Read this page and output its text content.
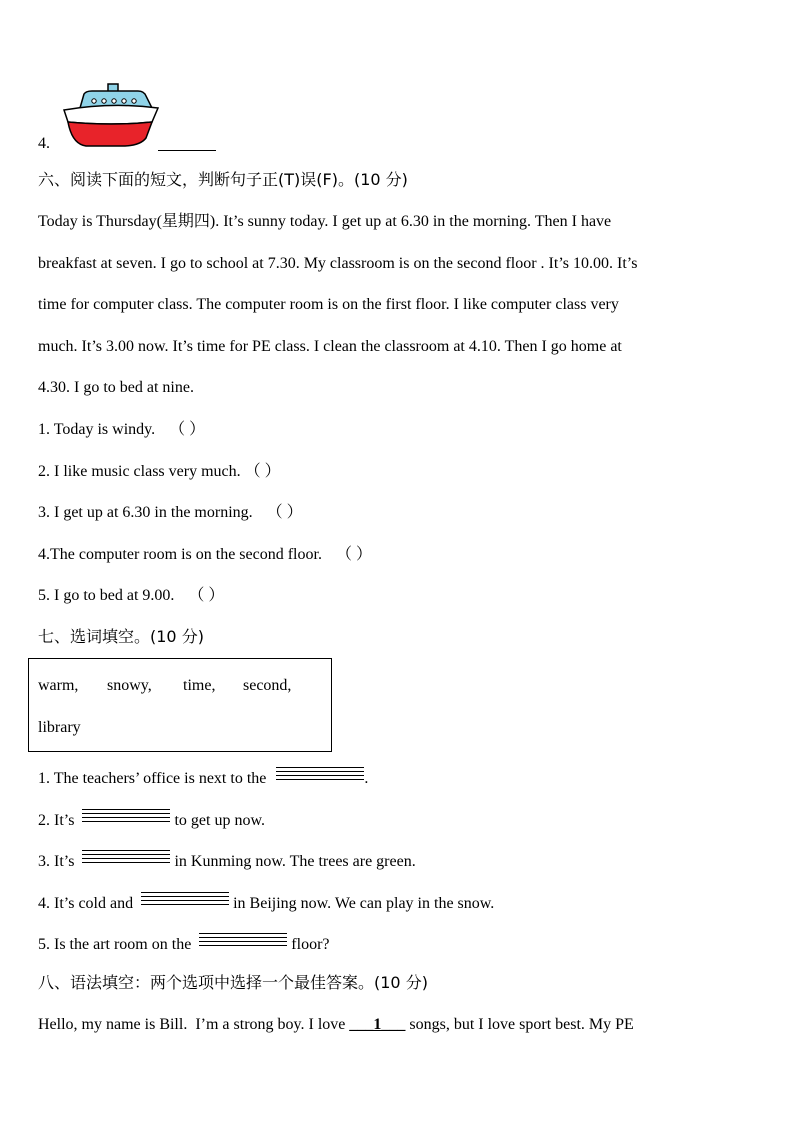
4.
六、阅读下面的短文，判断句子正(T)误(F)。(10 分)
Today is Thursday(星期四). It’s sunny today. I get up at 6.30 in the morning. Then I have
breakfast at seven. I go to school at 7.30. My classroom is on the second floor . It’s 10.00. It’s
time for computer class. The computer room is on the first floor. I like computer class very
much. It’s 3.00 now. It’s time for PE class. I clean the classroom at 4.10. Then I go home at
4.30. I go to bed at nine.
1. Today is windy. （ ）
2. I like music class very much. （ ）
3. I get up at 6.30 in the morning. （ ）
4.The computer room is on the second floor. （ ）
5. I go to bed at 9.00. （ ）
七、选词填空。(10 分)
warm, snowy, time, second,
library
1. The teachers’ office is next to the	.
2. It’s	to get up now.
3. It’s	in Kunming now. The trees are green.
4. It’s cold and	in Beijing now. We can play in the snow.
5. Is the art room on the	floor?
八、语法填空：两个选项中选择一个最佳答案。(10 分)
Hello, my name is Bill.  I’m a strong boy. I love ___1___ songs, but I love sport best. My PE
